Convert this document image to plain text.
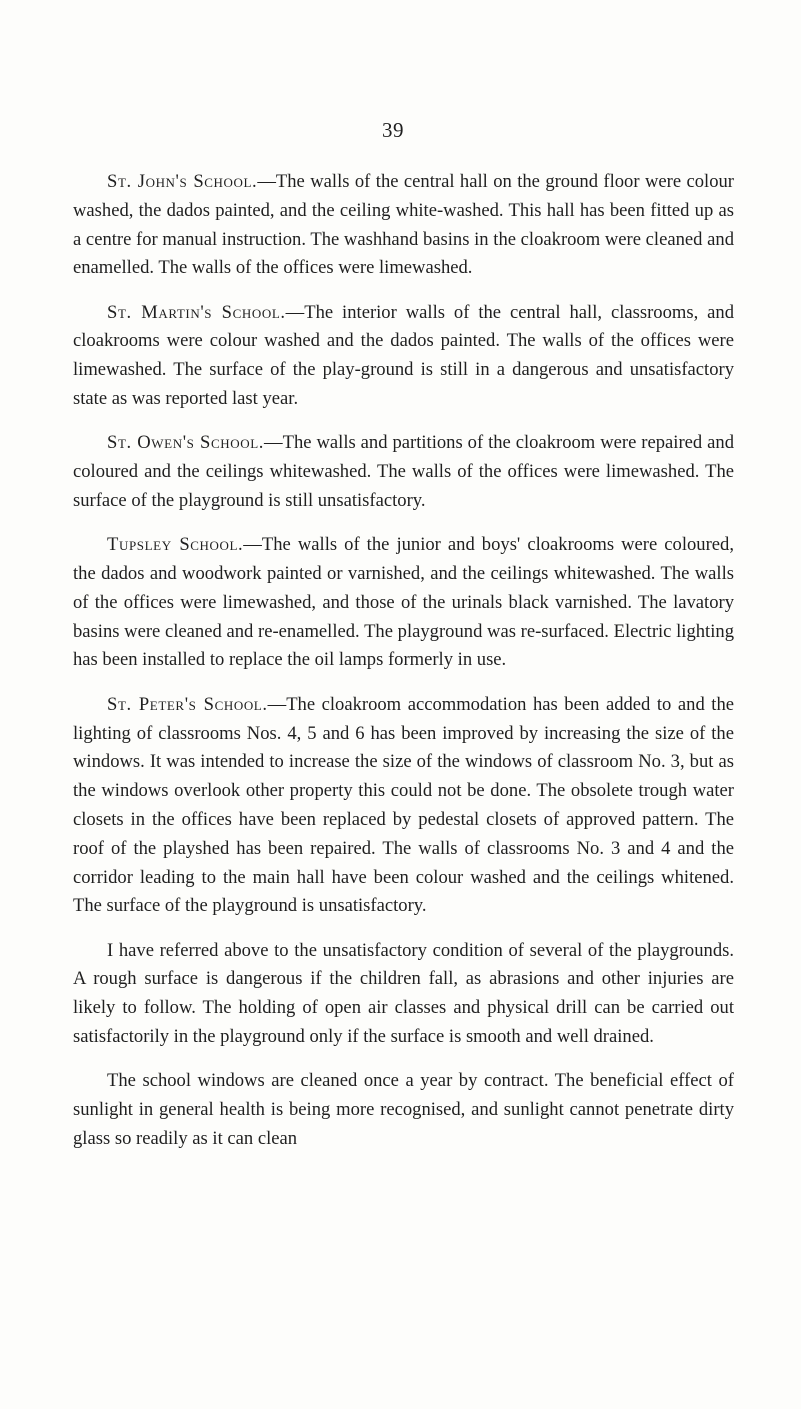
39

St. John's School.—The walls of the central hall on the ground floor were colour washed, the dados painted, and the ceiling white-washed. This hall has been fitted up as a centre for manual instruction. The washhand basins in the cloakroom were cleaned and enamelled. The walls of the offices were limewashed.

St. Martin's School.—The interior walls of the central hall, classrooms, and cloakrooms were colour washed and the dados painted. The walls of the offices were limewashed. The surface of the play-ground is still in a dangerous and unsatisfactory state as was reported last year.

St. Owen's School.—The walls and partitions of the cloakroom were repaired and coloured and the ceilings whitewashed. The walls of the offices were limewashed. The surface of the playground is still unsatisfactory.

Tupsley School.—The walls of the junior and boys' cloakrooms were coloured, the dados and woodwork painted or varnished, and the ceilings whitewashed. The walls of the offices were limewashed, and those of the urinals black varnished. The lavatory basins were cleaned and re-enamelled. The playground was re-surfaced. Electric lighting has been installed to replace the oil lamps formerly in use.

St. Peter's School.—The cloakroom accommodation has been added to and the lighting of classrooms Nos. 4, 5 and 6 has been improved by increasing the size of the windows. It was intended to increase the size of the windows of classroom No. 3, but as the windows overlook other property this could not be done. The obsolete trough water closets in the offices have been replaced by pedestal closets of approved pattern. The roof of the playshed has been repaired. The walls of classrooms No. 3 and 4 and the corridor leading to the main hall have been colour washed and the ceilings whitened. The surface of the playground is unsatisfactory.

I have referred above to the unsatisfactory condition of several of the playgrounds. A rough surface is dangerous if the children fall, as abrasions and other injuries are likely to follow. The holding of open air classes and physical drill can be carried out satisfactorily in the playground only if the surface is smooth and well drained.

The school windows are cleaned once a year by contract. The beneficial effect of sunlight in general health is being more recognised, and sunlight cannot penetrate dirty glass so readily as it can clean
